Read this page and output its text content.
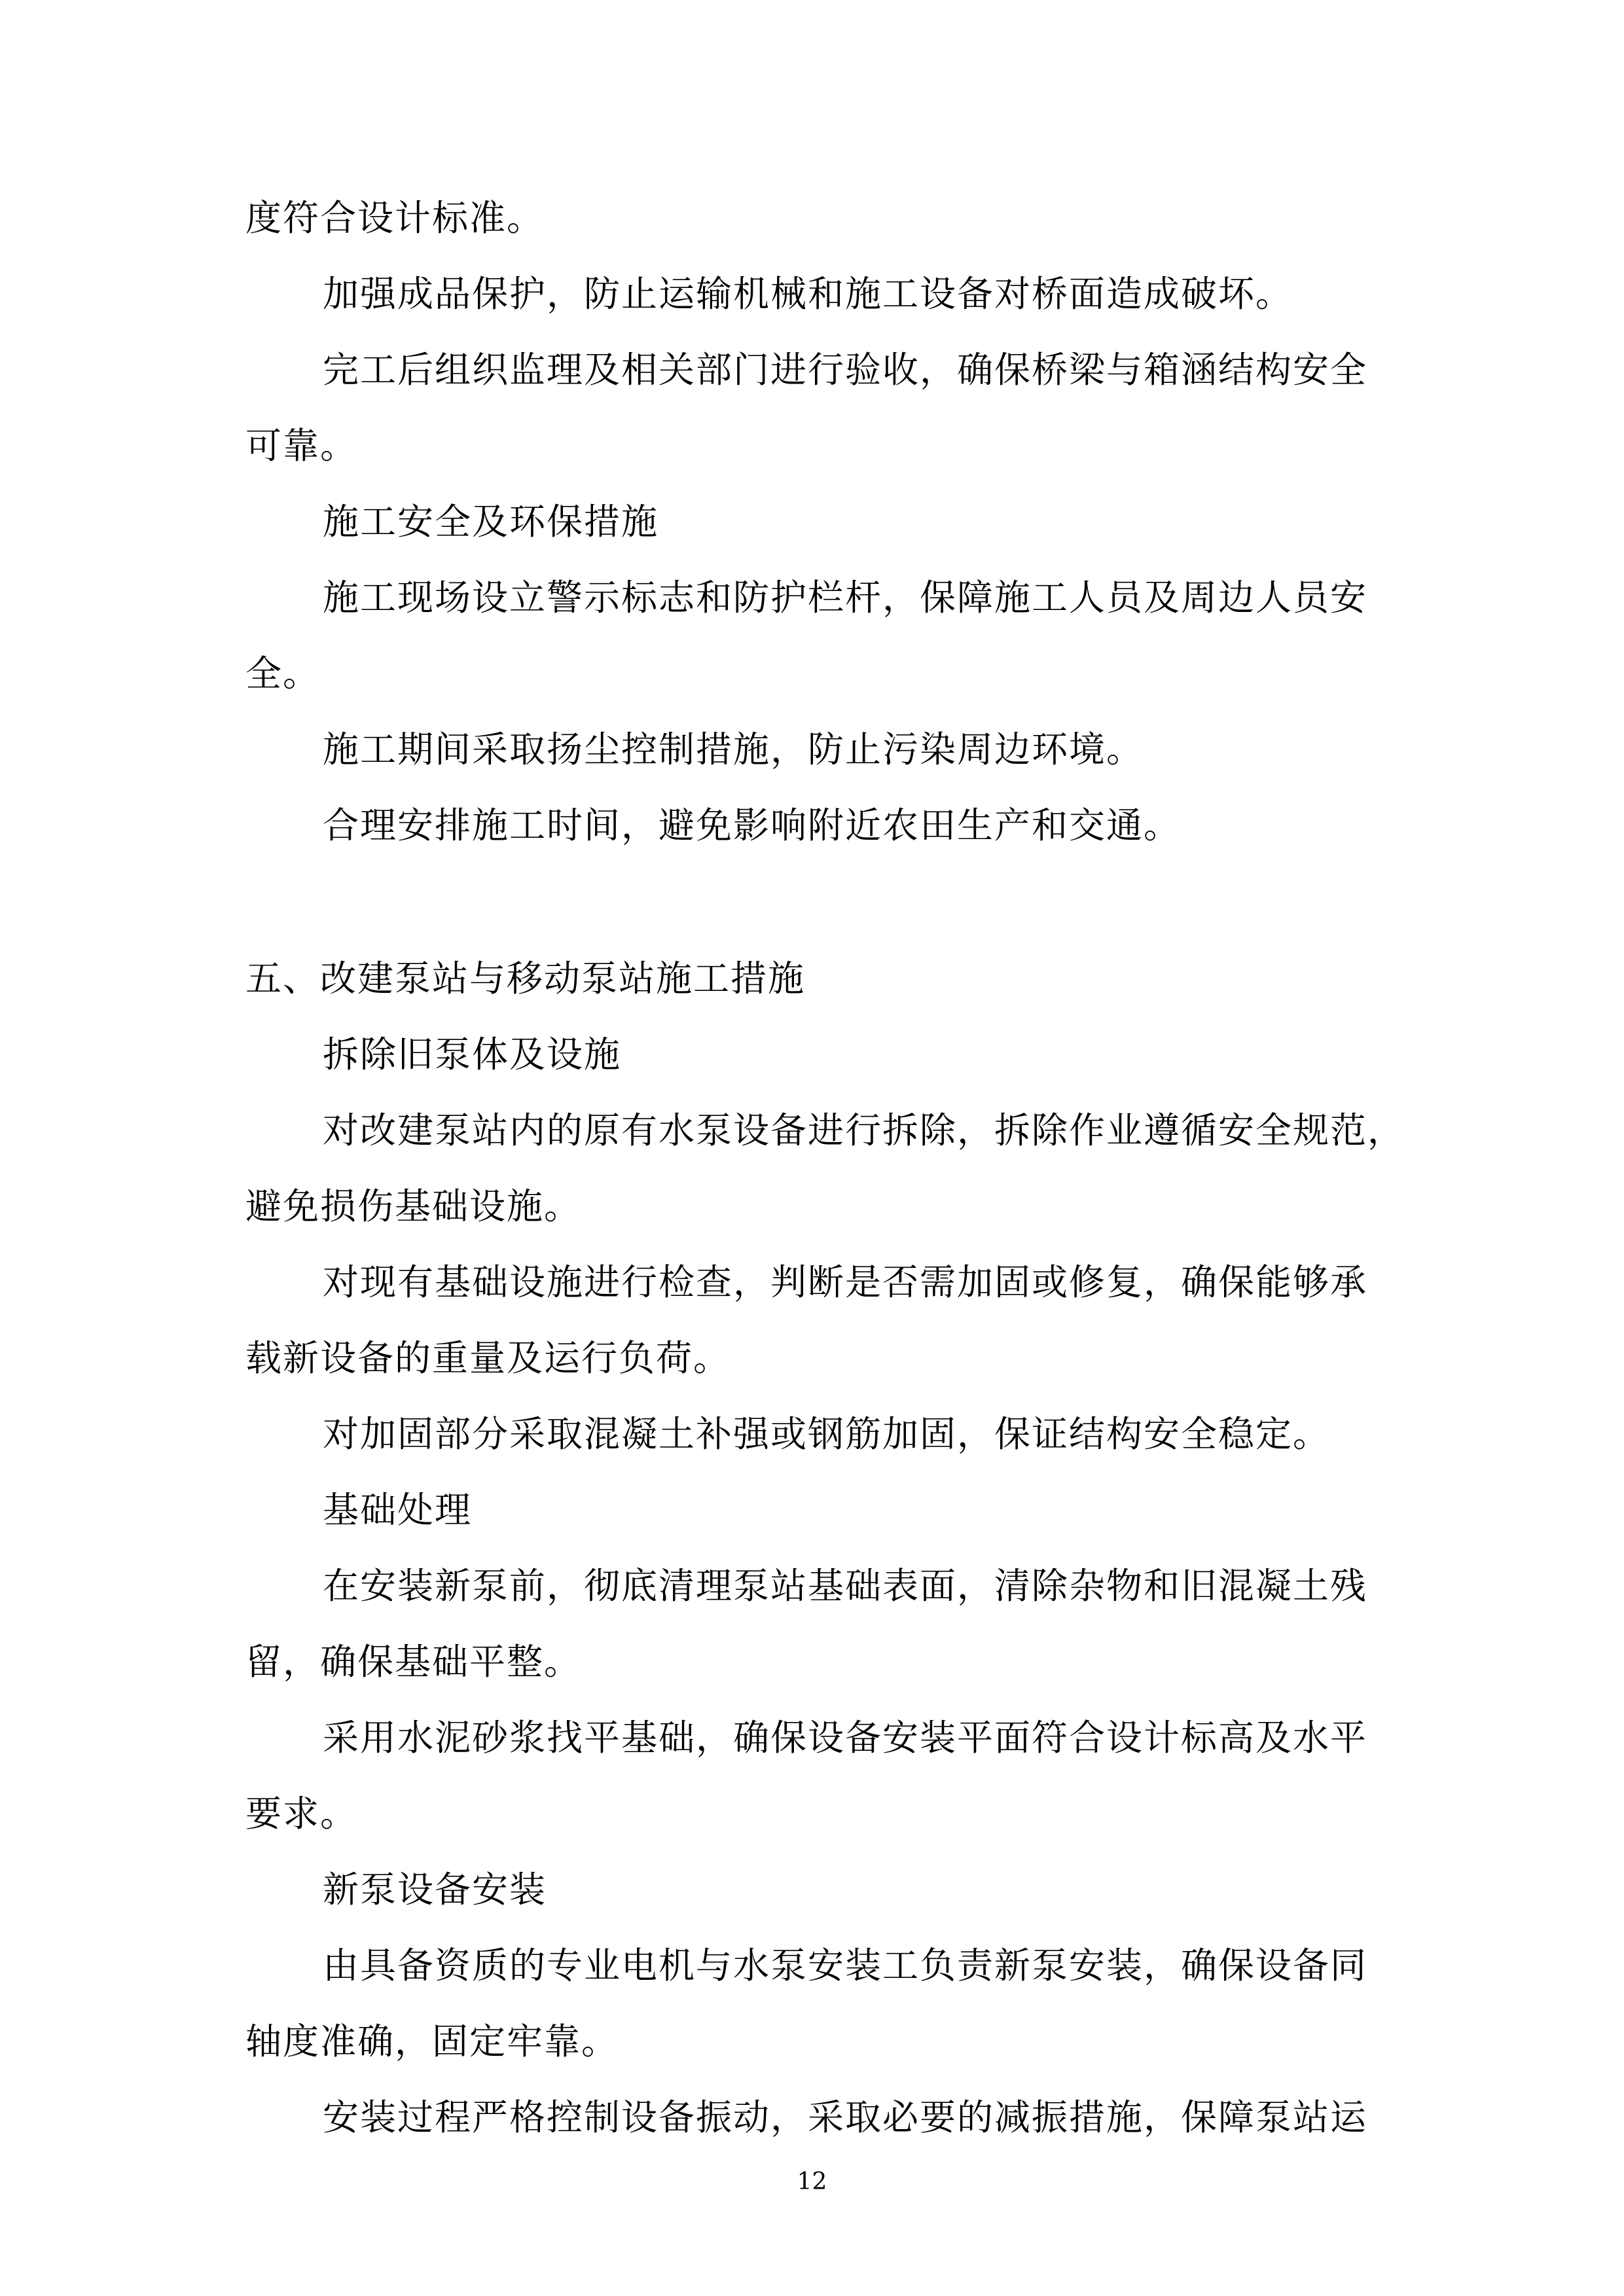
度符合设计标准。
加强成品保护，防止运输机械和施工设备对桥面造成破坏。
完工后组织监理及相关部门进行验收，确保桥梁与箱涵结构安全
可靠。
施工安全及环保措施
施工现场设立警示标志和防护栏杆，保障施工人员及周边人员安
全。
施工期间采取扬尘控制措施，防止污染周边环境。
合理安排施工时间，避免影响附近农田生产和交通。
五、改建泵站与移动泵站施工措施
拆除旧泵体及设施
对改建泵站内的原有水泵设备进行拆除，拆除作业遵循安全规范，
避免损伤基础设施。
对现有基础设施进行检查，判断是否需加固或修复，确保能够承
载新设备的重量及运行负荷。
对加固部分采取混凝土补强或钢筋加固，保证结构安全稳定。
基础处理
在安装新泵前，彻底清理泵站基础表面，清除杂物和旧混凝土残
留，确保基础平整。
采用水泥砂浆找平基础，确保设备安装平面符合设计标高及水平
要求。
新泵设备安装
由具备资质的专业电机与水泵安装工负责新泵安装，确保设备同
轴度准确，固定牢靠。
安装过程严格控制设备振动，采取必要的减振措施，保障泵站运
12
